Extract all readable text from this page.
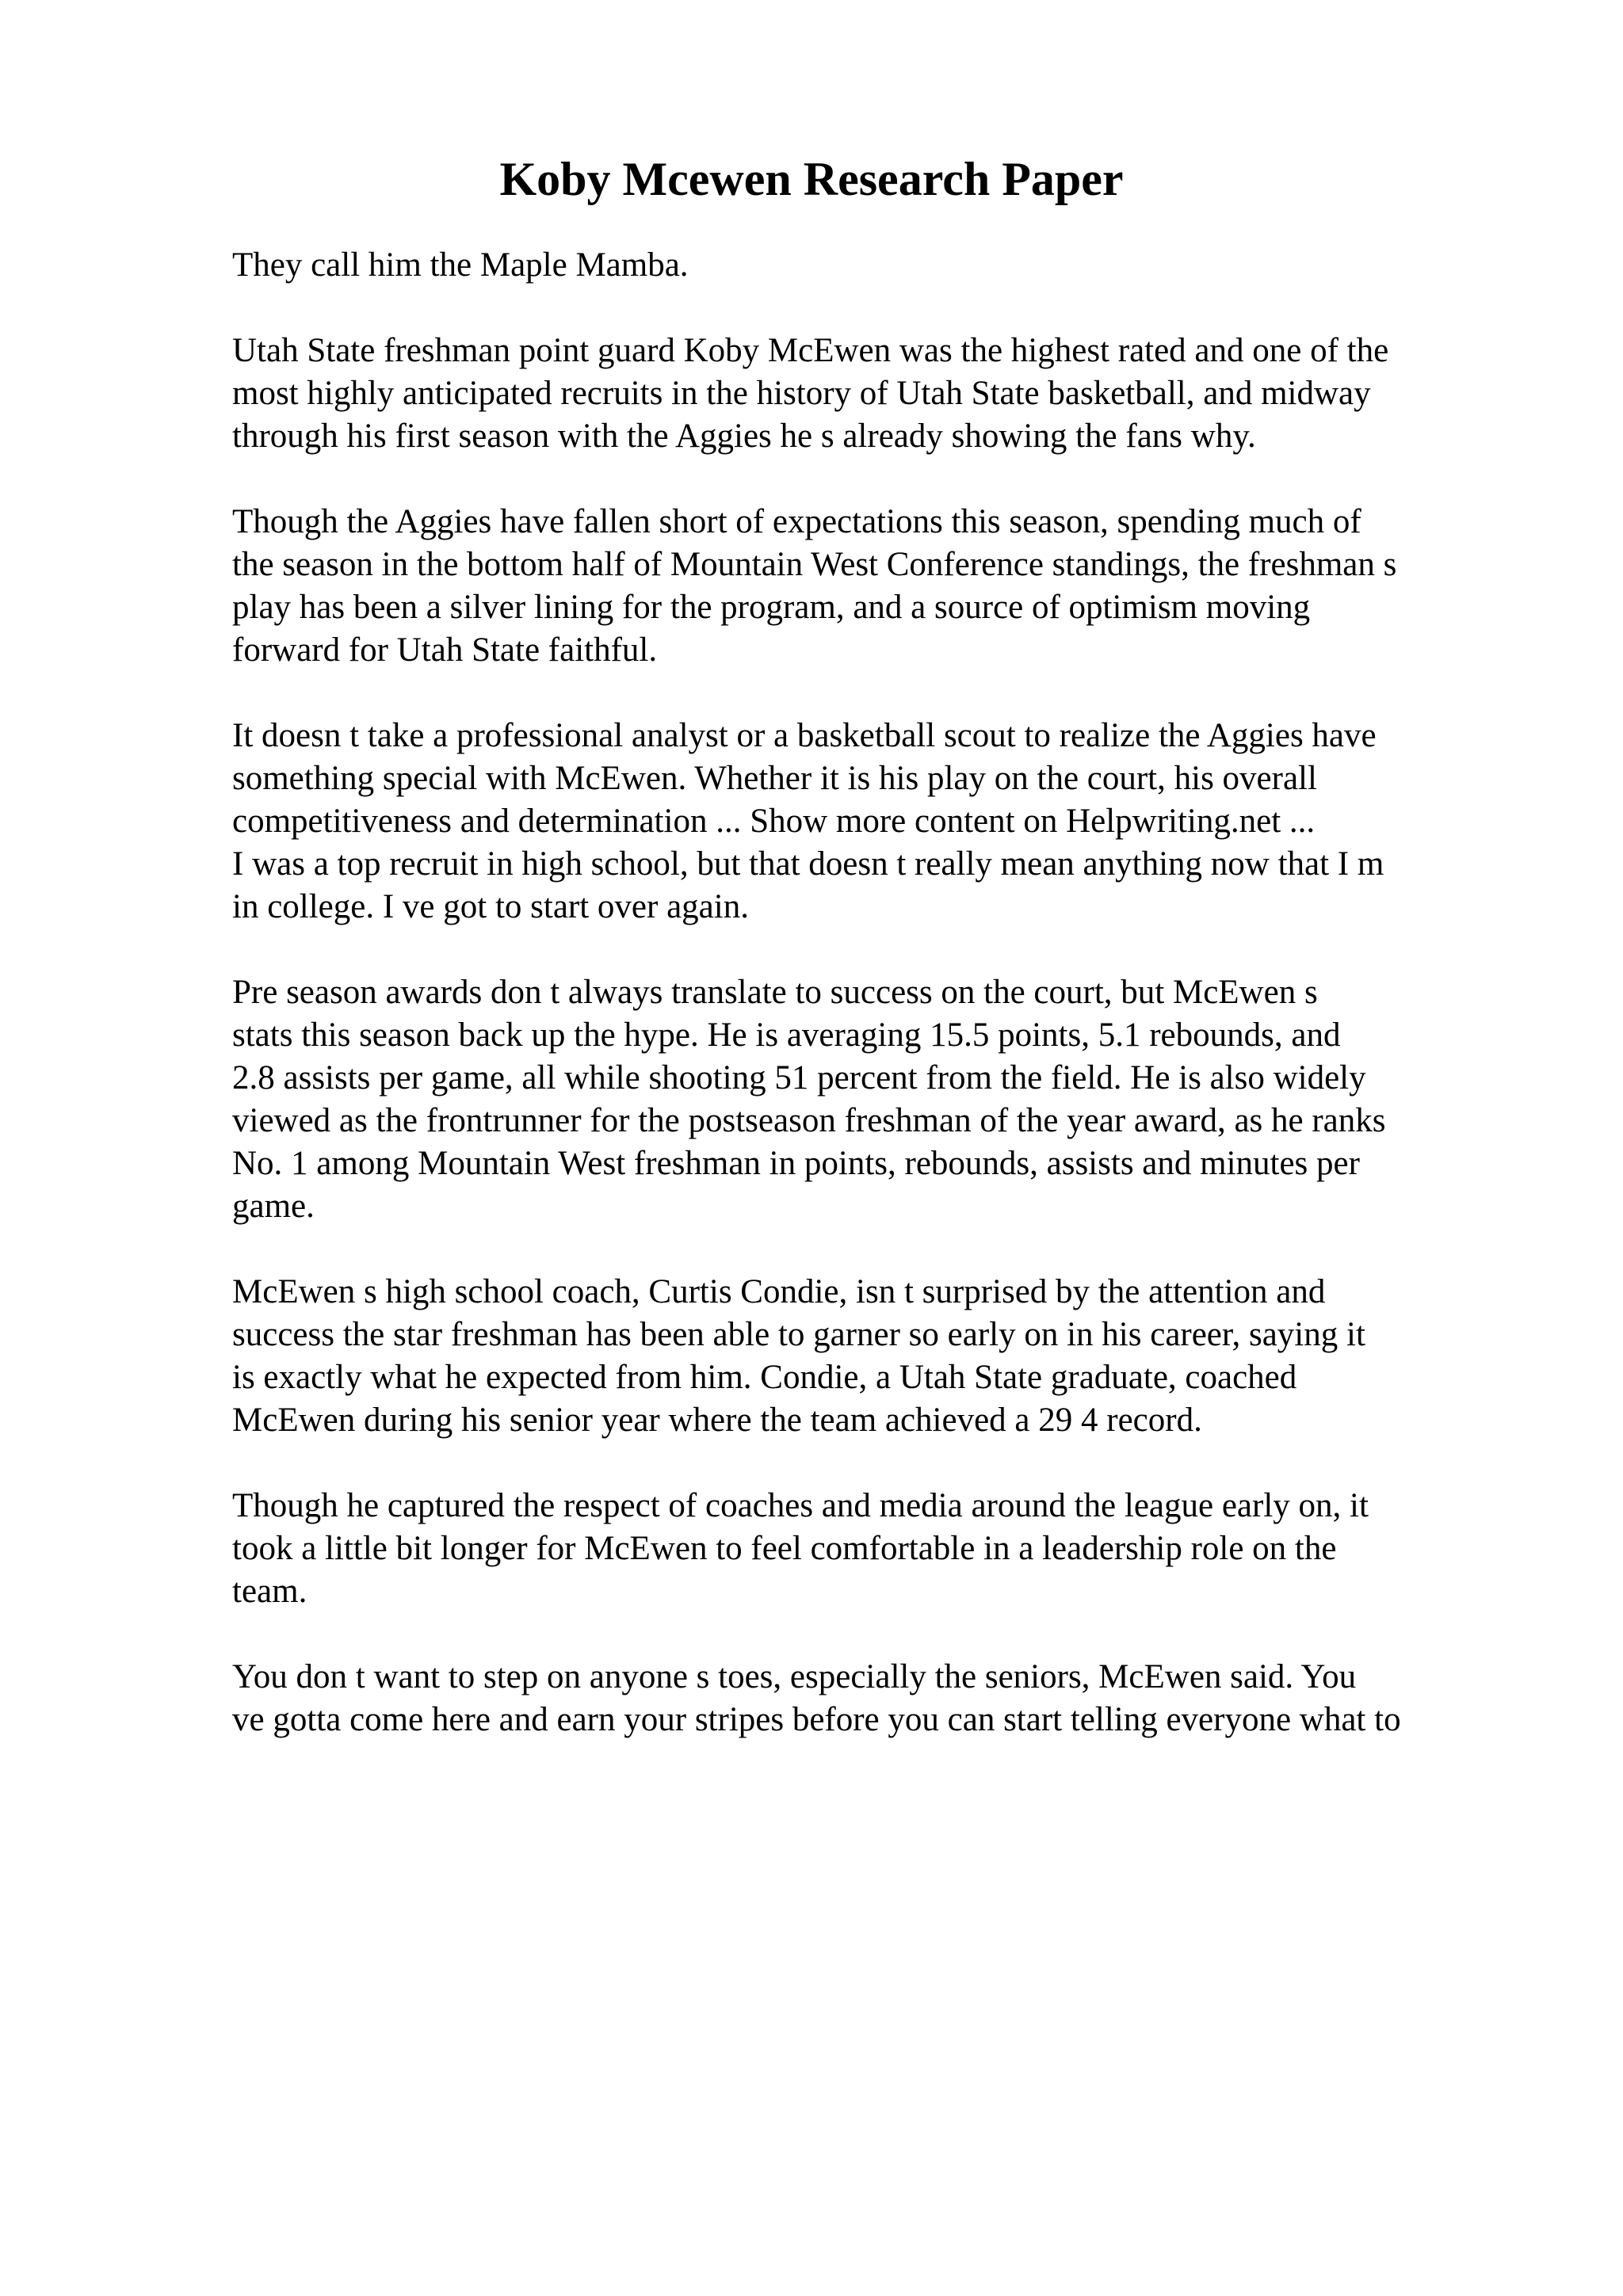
Koby Mcewen Research Paper

They call him the Maple Mamba.

Utah State freshman point guard Koby McEwen was the highest rated and one of the
most highly anticipated recruits in the history of Utah State basketball, and midway
through his first season with the Aggies he s already showing the fans why.

Though the Aggies have fallen short of expectations this season, spending much of
the season in the bottom half of Mountain West Conference standings, the freshman s
play has been a silver lining for the program, and a source of optimism moving
forward for Utah State faithful.

It doesn t take a professional analyst or a basketball scout to realize the Aggies have
something special with McEwen. Whether it is his play on the court, his overall
competitiveness and determination ... Show more content on Helpwriting.net ...

I was a top recruit in high school, but that doesn t really mean anything now that I m
in college. I ve got to start over again.

Pre season awards don t always translate to success on the court, but McEwen s
stats this season back up the hype. He is averaging 15.5 points, 5.1 rebounds, and
2.8 assists per game, all while shooting 51 percent from the field. He is also widely
viewed as the frontrunner for the postseason freshman of the year award, as he ranks
No. 1 among Mountain West freshman in points, rebounds, assists and minutes per
game.

McEwen s high school coach, Curtis Condie, isn t surprised by the attention and
success the star freshman has been able to garner so early on in his career, saying it
is exactly what he expected from him. Condie, a Utah State graduate, coached
McEwen during his senior year where the team achieved a 29 4 record.

Though he captured the respect of coaches and media around the league early on, it
took a little bit longer for McEwen to feel comfortable in a leadership role on the
team.

You don t want to step on anyone s toes, especially the seniors, McEwen said. You
ve gotta come here and earn your stripes before you can start telling everyone what to
